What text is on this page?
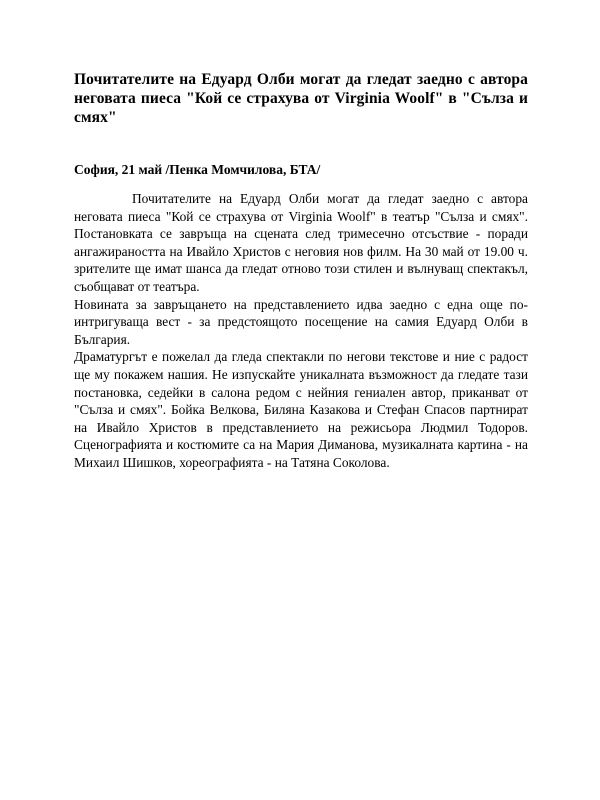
Почитателите на Едуард Олби могат да гледат заедно с автора неговата пиеса "Кой се страхува от Virginia Woolf" в "Сълза и смях"

София, 21 май /Пенка Момчилова, БТА/

Почитателите на Едуард Олби могат да гледат заедно с автора неговата пиеса "Кой се страхува от Virginia Woolf" в театър "Сълза и смях". Постановката се завръща на сцената след тримесечно отсъствие - поради ангажираността на Ивайло Христов с неговия нов филм. На 30 май от 19.00 ч. зрителите ще имат шанса да гледат отново този стилен и вълнуващ спектакъл, съобщават от театъра.

Новината за завръщането на представлението идва заедно с една още по-интригуваща вест - за предстоящото посещение на самия Едуард Олби в България.

Драматургът е пожелал да гледа спектакли по негови текстове и ние с радост ще му покажем нашия. Не изпускайте уникалната възможност да гледате тази постановка, седейки в салона редом с нейния гениален автор, приканват от "Сълза и смях". Бойка Велкова, Биляна Казакова и Стефан Спасов партнират на Ивайло Христов в представлението на режисьора Людмил Тодоров. Сценографията и костюмите са на Мария Диманова, музикалната картина - на Михаил Шишков, хореографията - на Татяна Соколова.
